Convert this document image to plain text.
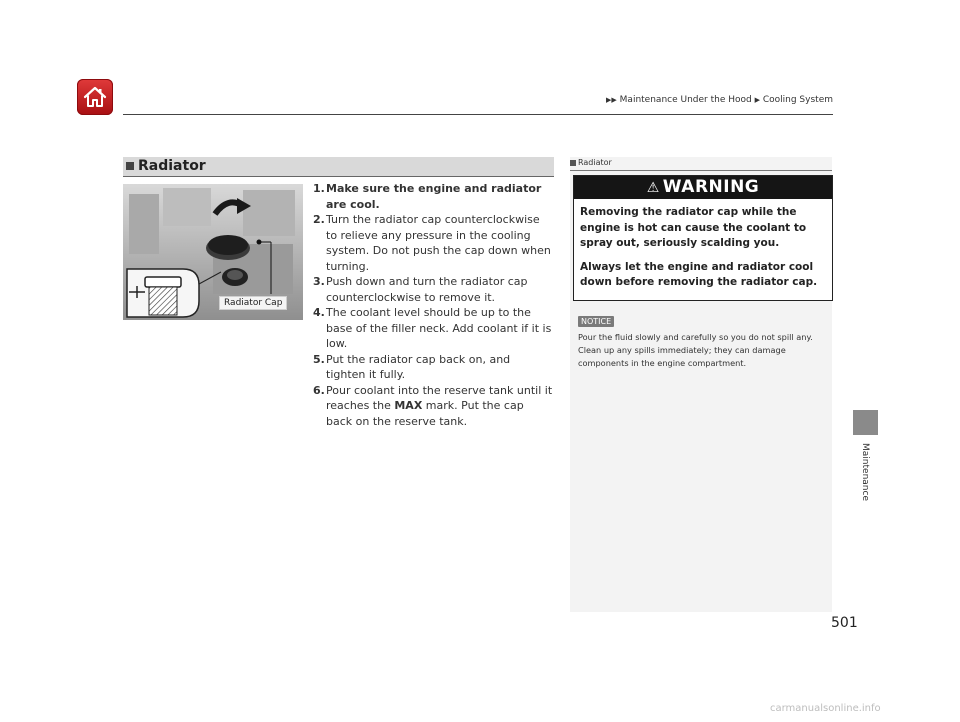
▶▶ Maintenance Under the Hood ▶ Cooling System
Radiator
Radiator Cap
1. Make sure the engine and radiator are cool.
2. Turn the radiator cap counterclockwise to relieve any pressure in the cooling system. Do not push the cap down when turning.
3. Push down and turn the radiator cap counterclockwise to remove it.
4. The coolant level should be up to the base of the filler neck. Add coolant if it is low.
5. Put the radiator cap back on, and tighten it fully.
6. Pour coolant into the reserve tank until it reaches the MAX mark. Put the cap back on the reserve tank.
Radiator
⚠ WARNING

Removing the radiator cap while the engine is hot can cause the coolant to spray out, seriously scalding you.

Always let the engine and radiator cool down before removing the radiator cap.

NOTICE
Pour the fluid slowly and carefully so you do not spill any. Clean up any spills immediately; they can damage components in the engine compartment.
Maintenance
501
carmanualsonline.info
